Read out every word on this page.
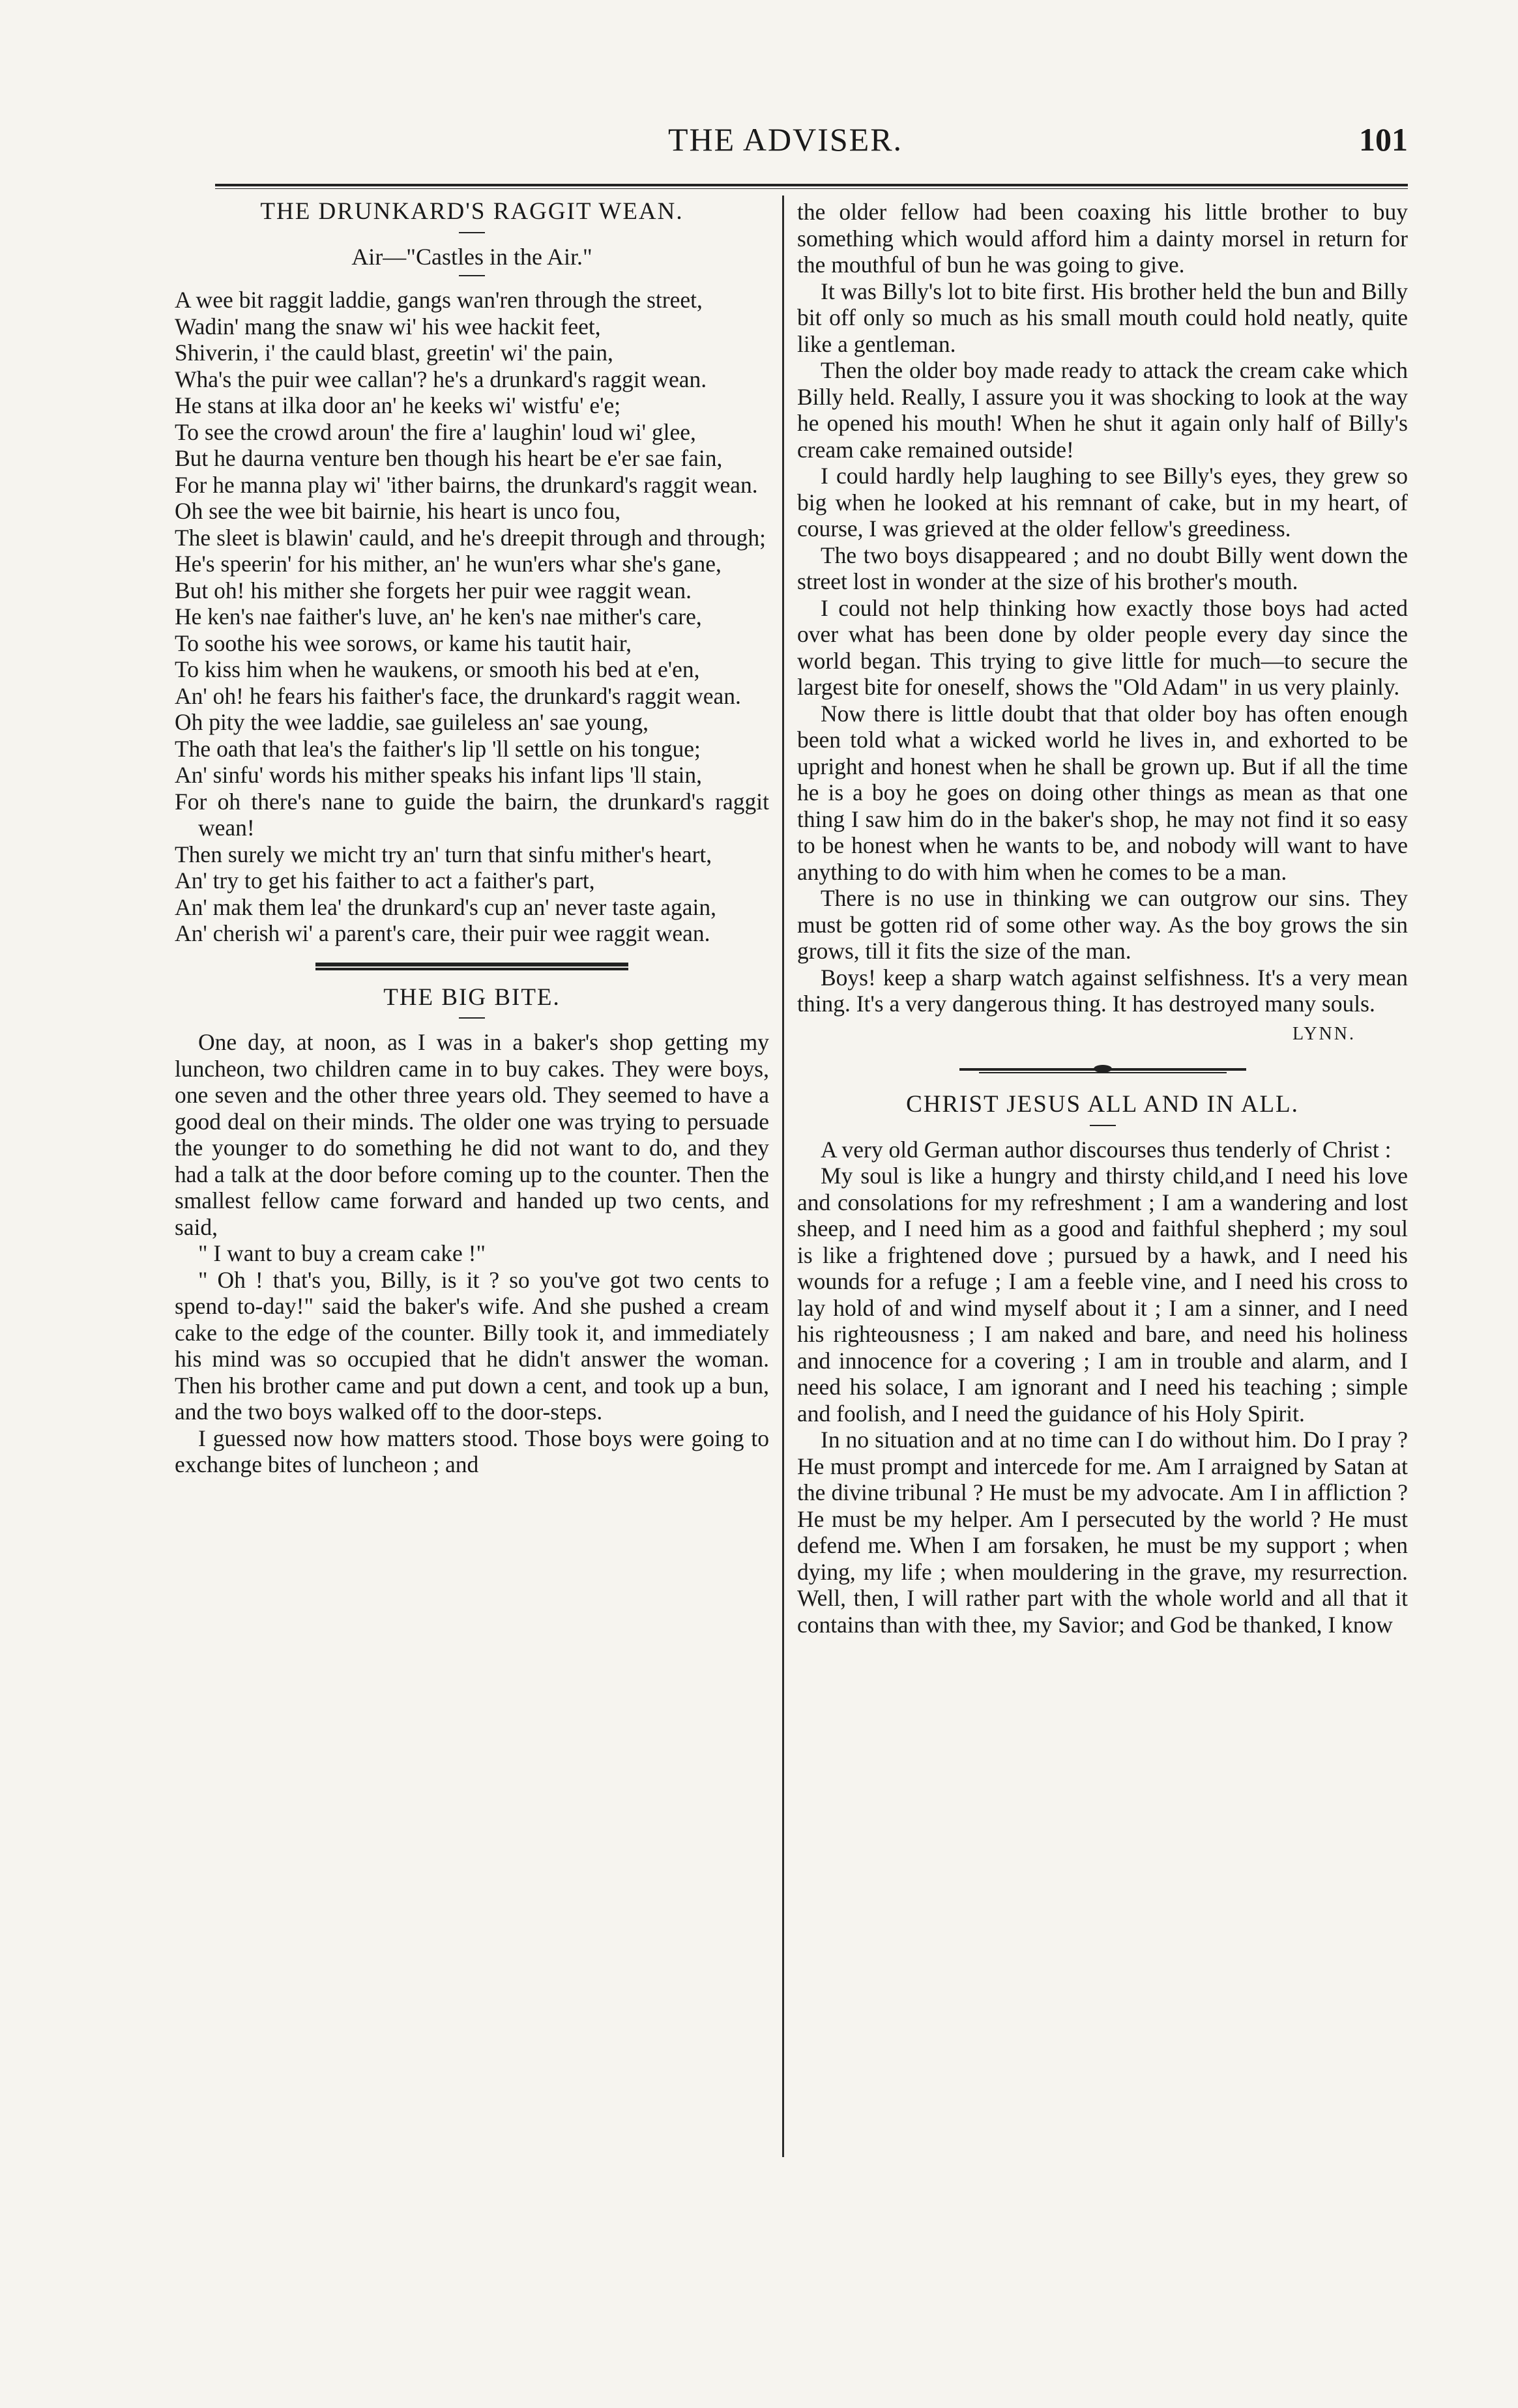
THE ADVISER.	101
THE DRUNKARD'S RAGGIT WEAN.
Air—"Castles in the Air."
A wee bit raggit laddie, gangs wan'ren through the street,
Wadin' mang the snaw wi' his wee hackit feet,
Shiverin, i' the cauld blast, greetin' wi' the pain,
Wha's the puir wee callan'? he's a drunkard's raggit wean.
He stans at ilka door an' he keeks wi' wistfu' e'e;
To see the crowd aroun' the fire a' laughin' loud wi' glee,
But he daurna venture ben though his heart be e'er sae fain,
For he manna play wi' 'ither bairns, the drunkard's raggit wean.
Oh see the wee bit bairnie, his heart is unco fou,
The sleet is blawin' cauld, and he's dreepit through and through;
He's speerin' for his mither, an' he wun'ers whar she's gane,
But oh! his mither she forgets her puir wee raggit wean.
He ken's nae faither's luve, an' he ken's nae mither's care,
To soothe his wee sorows, or kame his tautit hair,
To kiss him when he waukens, or smooth his bed at e'en,
An' oh! he fears his faither's face, the drunkard's raggit wean.
Oh pity the wee laddie, sae guileless an' sae young,
The oath that lea's the faither's lip 'll settle on his tongue;
An' sinfu' words his mither speaks his infant lips 'll stain,
For oh there's nane to guide the bairn, the drunkard's raggit wean!
Then surely we micht try an' turn that sinfu mither's heart,
An' try to get his faither to act a faither's part,
An' mak them lea' the drunkard's cup an' never taste again,
An' cherish wi' a parent's care, their puir wee raggit wean.
THE BIG BITE.

One day, at noon, as I was in a baker's shop getting my luncheon, two children came in to buy cakes. They were boys, one seven and the other three years old. They seemed to have a good deal on their minds. The older one was trying to persuade the younger to do something he did not want to do, and they had a talk at the door before coming up to the counter. Then the smallest fellow came forward and handed up two cents, and said,

" I want to buy a cream cake !"

" Oh ! that's you, Billy, is it ? so you've got two cents to spend to-day!" said the baker's wife. And she pushed a cream cake to the edge of the counter. Billy took it, and immediately his mind was so occupied that he didn't answer the woman. Then his brother came and put down a cent, and took up a bun, and the two boys walked off to the door-steps.

I guessed now how matters stood. Those boys were going to exchange bites of luncheon ; and

the older fellow had been coaxing his little brother to buy something which would afford him a dainty morsel in return for the mouthful of bun he was going to give.

It was Billy's lot to bite first. His brother held the bun and Billy bit off only so much as his small mouth could hold neatly, quite like a gentleman.

Then the older boy made ready to attack the cream cake which Billy held. Really, I assure you it was shocking to look at the way he opened his mouth! When he shut it again only half of Billy's cream cake remained outside!

I could hardly help laughing to see Billy's eyes, they grew so big when he looked at his remnant of cake, but in my heart, of course, I was grieved at the older fellow's greediness.

The two boys disappeared ; and no doubt Billy went down the street lost in wonder at the size of his brother's mouth.

I could not help thinking how exactly those boys had acted over what has been done by older people every day since the world began. This trying to give little for much—to secure the largest bite for oneself, shows the "Old Adam" in us very plainly.

Now there is little doubt that that older boy has often enough been told what a wicked world he lives in, and exhorted to be upright and honest when he shall be grown up. But if all the time he is a boy he goes on doing other things as mean as that one thing I saw him do in the baker's shop, he may not find it so easy to be honest when he wants to be, and nobody will want to have anything to do with him when he comes to be a man.

There is no use in thinking we can outgrow our sins. They must be gotten rid of some other way. As the boy grows the sin grows, till it fits the size of the man.

Boys! keep a sharp watch against selfishness. It's a very mean thing. It's a very dangerous thing. It has destroyed many souls.

LYNN.
CHRIST JESUS ALL AND IN ALL.

A very old German author discourses thus tenderly of Christ :

My soul is like a hungry and thirsty child,and I need his love and consolations for my refreshment ; I am a wandering and lost sheep, and I need him as a good and faithful shepherd ; my soul is like a frightened dove ; pursued by a hawk, and I need his wounds for a refuge ; I am a feeble vine, and I need his cross to lay hold of and wind myself about it ; I am a sinner, and I need his righteousness ; I am naked and bare, and need his holiness and innocence for a covering ; I am in trouble and alarm, and I need his solace, I am ignorant and I need his teaching ; simple and foolish, and I need the guidance of his Holy Spirit.

In no situation and at no time can I do without him. Do I pray ? He must prompt and intercede for me. Am I arraigned by Satan at the divine tribunal ? He must be my advocate. Am I in affliction ? He must be my helper. Am I persecuted by the world ? He must defend me. When I am forsaken, he must be my support ; when dying, my life ; when mouldering in the grave, my resurrection. Well, then, I will rather part with the whole world and all that it contains than with thee, my Savior; and God be thanked, I know
